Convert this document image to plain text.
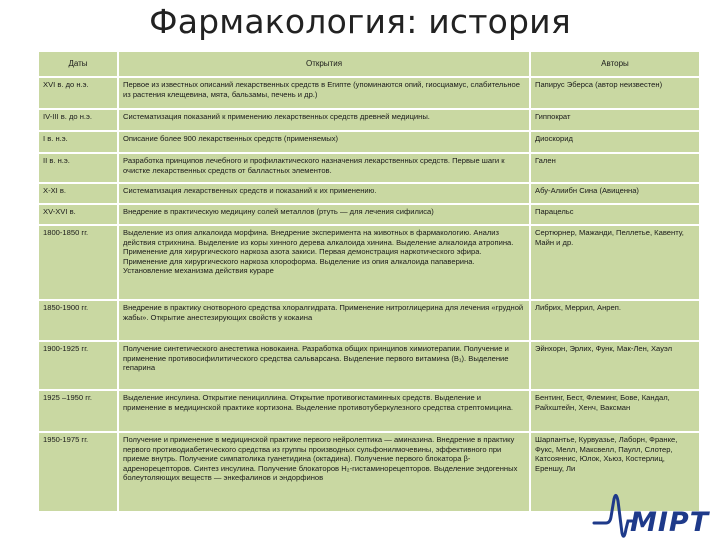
Фармакология: история
Даты	Открытия	Авторы
XVI в. до н.э.	Первое из известных описаний лекарственных средств в Египте (упоминаются опий, гиосциамус, слабительное из растения клещевина, мята, бальзамы, печень и др.)	Папирус Эберса (автор неизвестен)
IV-III в. до н.э.	Систематизация показаний к применению лекарственных средств древней медицины.	Гиппократ
I в. н.э.	Описание более 900 лекарственных средств (применяемых)	Диоскорид
II в. н.э.	Разработка принципов лечебного и профилактического назначения лекарственных средств. Первые шаги к очистке лекарственных средств от балластных элементов.	Гален
X-XI в.	Систематизация лекарственных средств и показаний к их применению.	Абу-Алиибн Сина (Авиценна)
XV-XVI в.	Внедрение в практическую медицину солей металлов (ртуть — для лечения сифилиса)	Парацельс
1800-1850 гг.	Выделение из опия алкалоида морфина. Внедрение эксперимента на животных в фармакологию. Анализ действия стрихнина. Выделение из коры хинного дерева алкалоида хинина. Выделение алкалоида атропина. Применение для хирургического наркоза азота закиси. Первая демонстрация наркотического эфира. Применение для хирургического наркоза хлороформа. Выделение из опия алкалоида папаверина. Установление механизма действия кураре	Сертюрнер, Мажанди, Пеллетье, Кавенту, Майн и др.
1850-1900 гг.	Внедрение в практику снотворного средства хлоралгидрата. Применение нитроглицерина для лечения «грудной жабы». Открытие анестезирующих свойств у кокаина	Либрих, Меррил, Анреп.
1900-1925 гг.	Получение синтетического анестетика новокаина. Разработка общих принципов химиотерапии. Получение и применение противосифилитического средства сальварсана. Выделение первого витамина (B₁). Выделение гепарина	Эйнхорн, Эрлих, Функ, Мак-Лен, Хауэл
1925 –1950 гг.	Выделение инсулина. Открытие пенициллина. Открытие противогистаминных средств. Выделение и применение в медицинской практике кортизона. Выделение противотуберкулезного средства стрептомицина.	Бентинг, Бест, Флеминг, Бове, Кандал, Райхштейн, Хенч, Ваксман
1950-1975 гг.	Получение и применение в медицинской практике первого нейролептика — аминазина. Внедрение в практику первого противодиабетического средства из группы производных сульфонилмочевины, эффективного при приеме внутрь. Получение симпатолика гуанетидина (октадина). Получение первого блокатора β-адренорецепторов. Синтез инсулина. Получение блокаторов H₂-гистаминорецепторов. Выделение эндогенных болеутоляющих веществ — энкефалинов и эндорфинов	Шарпантье, Курвуазье, Лаборн, Франке, Фукс, Мелл, Максвелл, Паулл, Слотер, Катсояннис, Юлок, Хьюз, Костерлиц, Ереншу, Ли
MIPT
